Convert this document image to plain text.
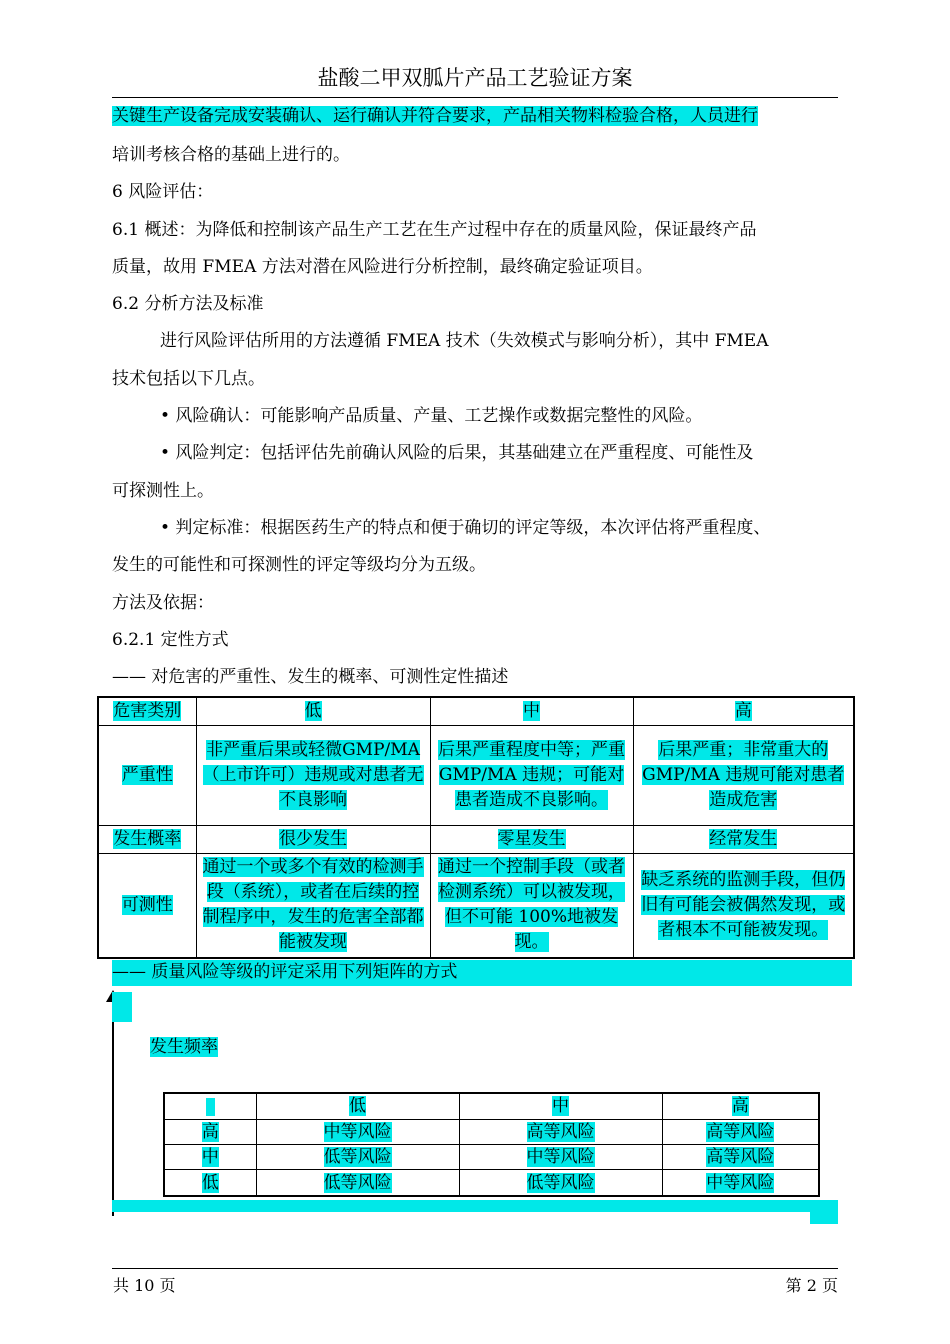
盐酸二甲双胍片产品工艺验证方案
关键生产设备完成安装确认、运行确认并符合要求，产品相关物料检验合格，人员进行
培训考核合格的基础上进行的。
6 风险评估：
6.1 概述：为降低和控制该产品生产工艺在生产过程中存在的质量风险，保证最终产品
质量，故用 FMEA 方法对潜在风险进行分析控制，最终确定验证项目。
6.2 分析方法及标准
进行风险评估所用的方法遵循 FMEA 技术（失效模式与影响分析），其中 FMEA
技术包括以下几点。
• 风险确认：可能影响产品质量、产量、工艺操作或数据完整性的风险。
• 风险判定：包括评估先前确认风险的后果，其基础建立在严重程度、可能性及
可探测性上。
• 判定标准：根据医药生产的特点和便于确切的评定等级，本次评估将严重程度、
发生的可能性和可探测性的评定等级均分为五级。
方法及依据：
6.2.1 定性方式
—— 对危害的严重性、发生的概率、可测性定性描述
危害类别	低	中	高
严重性	非严重后果或轻微GMP/MA（上市许可）违规或对患者无不良影响	后果严重程度中等；严重 GMP/MA 违规；可能对患者造成不良影响。	后果严重；非常重大的GMP/MA 违规可能对患者造成危害
发生概率	很少发生	零星发生	经常发生
可测性	通过一个或多个有效的检测手段（系统），或者在后续的控制程序中，发生的危害全部都能被发现	通过一个控制手段（或者检测系统）可以被发现，但不可能 100%地被发现。	缺乏系统的监测手段，但仍旧有可能会被偶然发现，或者根本不可能被发现。
—— 质量风险等级的评定采用下列矩阵的方式
发生频率
	低	中	高
高	中等风险	高等风险	高等风险
中	低等风险	中等风险	高等风险
低	低等风险	低等风险	中等风险
共 10 页	第 2 页
